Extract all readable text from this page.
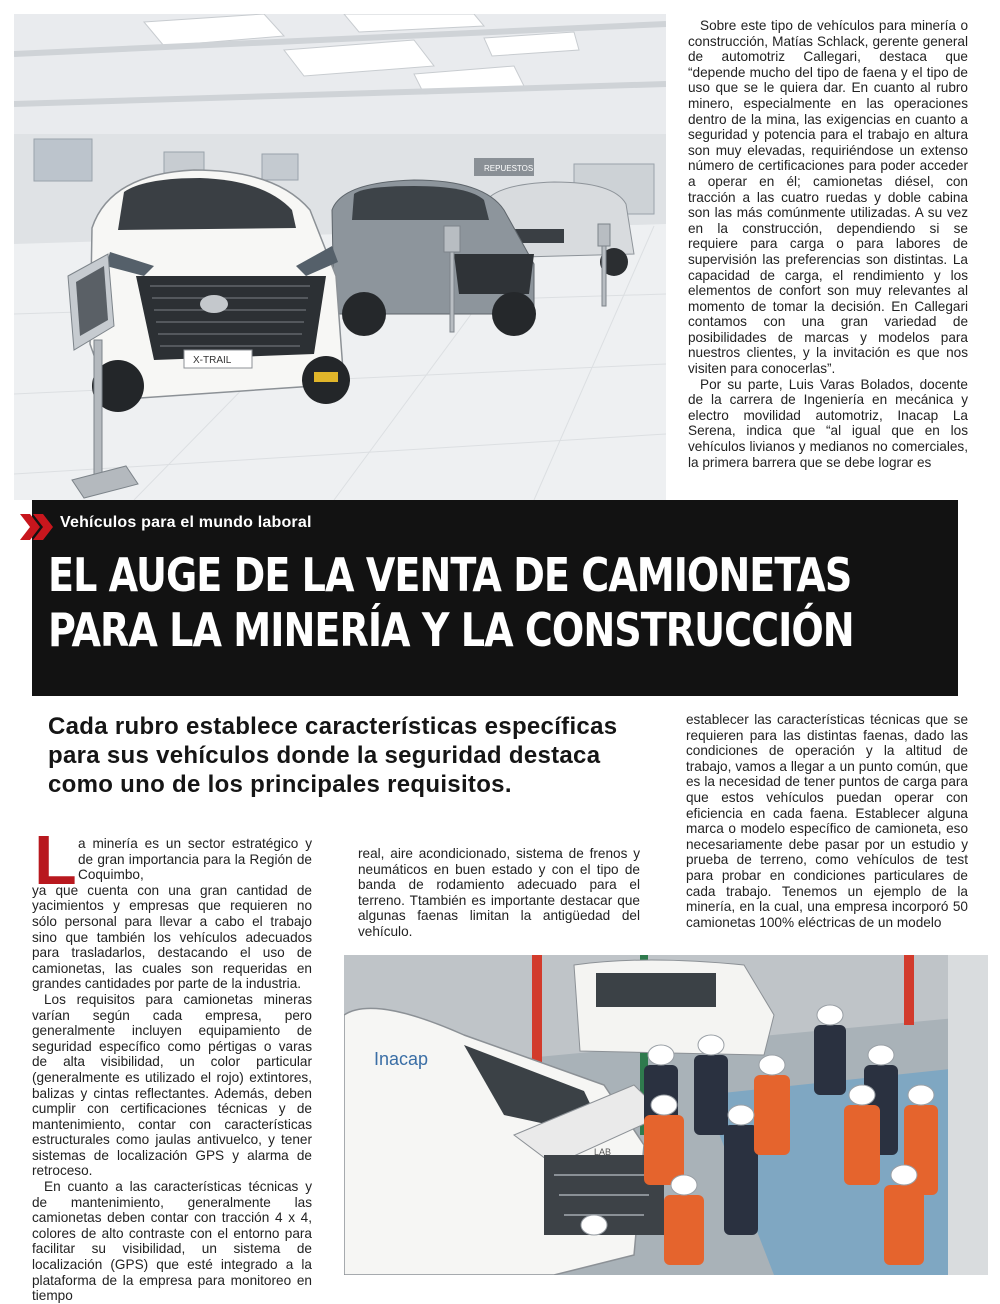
REPUESTOS
X-TRAIL

Sobre este tipo de vehículos para minería o construcción, Matías Schlack, gerente general de automotriz Callegari, destaca que “depende mucho del tipo de faena y el tipo de uso que se le quiera dar. En cuanto al rubro minero, especialmente en las operaciones dentro de la mina, las exigencias en cuanto a seguridad y potencia para el trabajo en altura son muy elevadas, requiriéndose un extenso número de certificaciones para poder acceder a operar en él; camionetas diésel, con tracción a las cuatro ruedas y doble cabina son las más comúnmente utilizadas. A su vez en la construcción, dependiendo si se requiere para carga o para labores de supervisión las preferencias son distintas. La capacidad de carga, el rendimiento y los elementos de confort son muy relevantes al momento de tomar la decisión. En Callegari contamos con una gran variedad de posibilidades de marcas y modelos para nuestros clientes, y la invitación es que nos visiten para conocerlas”.

Por su parte, Luis Varas Bolados, docente de la carrera de Ingeniería en mecánica y electro movilidad automotriz, Inacap La Serena, indica que “al igual que en los vehículos livianos y medianos no comerciales, la primera barrera que se debe lograr es

Vehículos para el mundo laboral
EL AUGE DE LA VENTA DE CAMIONETAS
PARA LA MINERÍA Y LA CONSTRUCCIÓN
Cada rubro establece características específicas
para sus vehículos donde la seguridad destaca
como uno de los principales requisitos.

establecer las características técnicas que se requieren para las distintas faenas, dado las condiciones de operación y la altitud de trabajo, vamos a llegar a un punto común, que es la necesidad de tener puntos de carga para que estos vehículos puedan operar con eficiencia en cada faena. Establecer alguna marca o modelo específico de camioneta, eso necesariamente debe pasar por un estudio y prueba de terreno, como vehículos de test para probar en condiciones particulares de cada trabajo. Tenemos un ejemplo de la minería, en la cual, una empresa incorporó 50 camionetas 100% eléctricas de un modelo

L a minería es un sector estratégico y de gran importancia para la Región de Coquimbo,

ya que cuenta con una gran cantidad de yacimientos y empresas que requieren no sólo personal para llevar a cabo el trabajo sino que también los vehículos adecuados para trasladarlos, destacando el uso de camionetas, las cuales son requeridas en grandes cantidades por parte de la industria.

Los requisitos para camionetas mineras varían según cada empresa, pero generalmente incluyen equipamiento de seguridad específico como pértigas o varas de alta visibilidad, un color particular (generalmente es utilizado el rojo) extintores, balizas y cintas reflectantes. Además, deben cumplir con certificaciones técnicas y de mantenimiento, contar con características estructurales como jaulas antivuelco, y tener sistemas de localización GPS y alarma de retroceso.

En cuanto a las características técnicas y de mantenimiento, generalmente las camionetas deben contar con tracción 4 x 4, colores de alto contraste con el entorno para facilitar su visibilidad, un sistema de localización (GPS) que esté integrado a la plataforma de la empresa para monitoreo en tiempo

real, aire acondicionado, sistema de frenos y neumáticos en buen estado y con el tipo de banda de rodamiento adecuado para el terreno. Ttambién es importante destacar que algunas faenas limitan la antigüedad del vehículo.

Inacap
LAB
